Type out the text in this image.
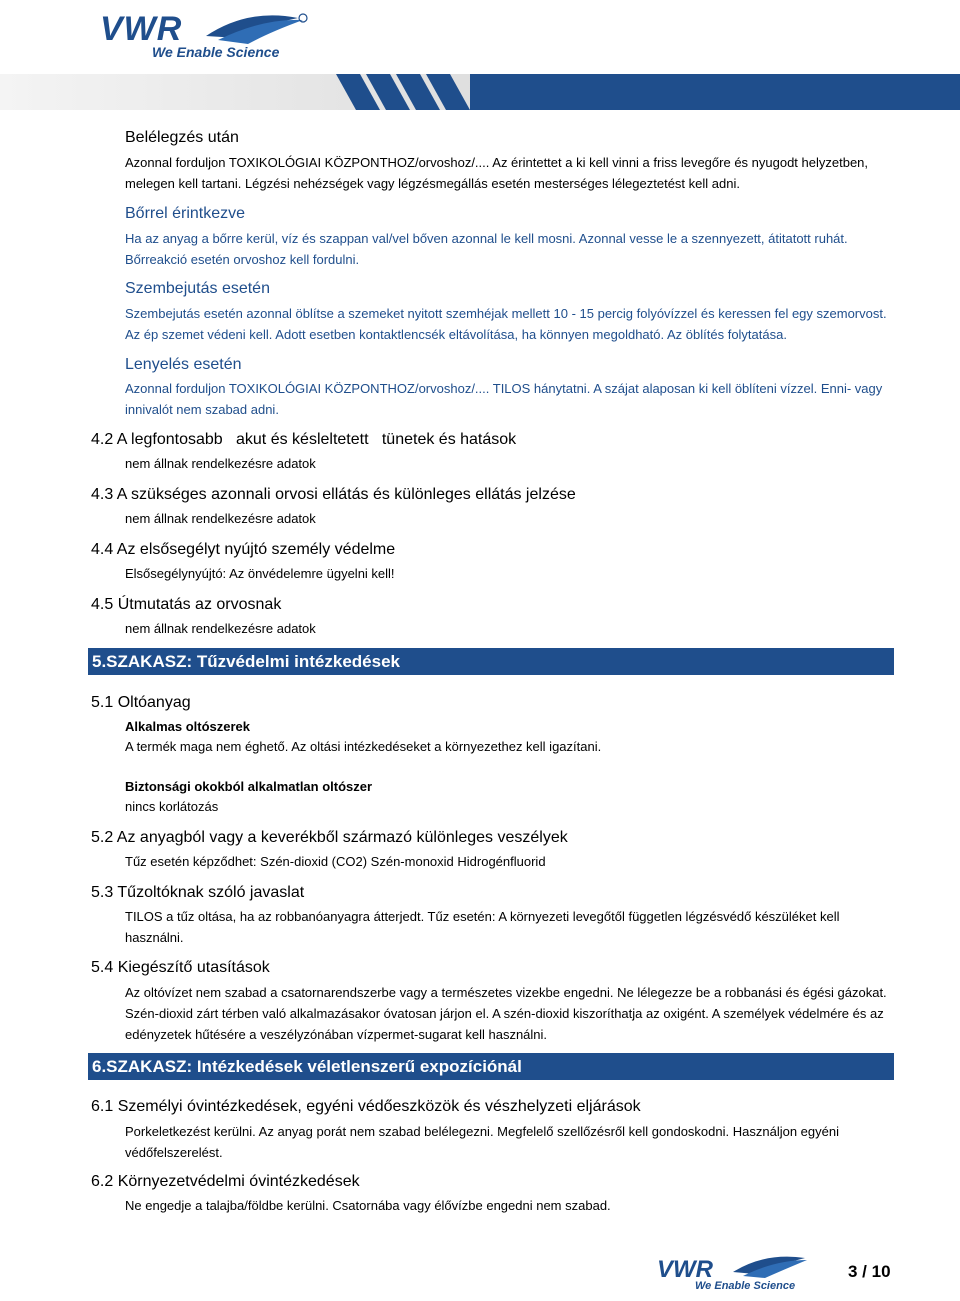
VWR
We Enable Science
Belélegzés után

Azonnal forduljon TOXIKOLÓGIAI KÖZPONTHOZ/orvoshoz/.... Az érintettet a ki kell vinni a friss levegőre és nyugodt helyzetben, melegen kell tartani. Légzési nehézségek vagy légzésmegállás esetén mesterséges lélegeztetést kell adni.

Bőrrel érintkezve

Ha az anyag a bőrre kerül, víz és szappan val/vel bőven azonnal le kell mosni. Azonnal vesse le a szennyezett, átitatott ruhát.

Bőrreakció esetén orvoshoz kell fordulni.

Szembejutás esetén

Szembejutás esetén azonnal öblítse a szemeket nyitott szemhéjak mellett 10 - 15 percig folyóvízzel és keressen fel egy szemorvost. Az ép szemet védeni kell. Adott esetben kontaktlencsék eltávolítása, ha könnyen megoldható. Az öblítés folytatása.

Lenyelés esetén

Azonnal forduljon TOXIKOLÓGIAI KÖZPONTHOZ/orvoshoz/.... TILOS hánytatni. A szájat alaposan ki kell öblíteni vízzel. Enni- vagy innivalót nem szabad adni.

4.2 A legfontosabb   akut és késleltetett   tünetek és hatások
nem állnak rendelkezésre adatok
4.3 A szükséges azonnali orvosi ellátás és különleges ellátás jelzése
nem állnak rendelkezésre adatok
4.4 Az elsősegélyt nyújtó személy védelme
Elsősegélynyújtó: Az önvédelemre ügyelni kell!
4.5 Útmutatás az orvosnak
nem állnak rendelkezésre adatok
5.SZAKASZ: Tűzvédelmi intézkedések
5.1 Oltóanyag
Alkalmas oltószerek
A termék maga nem éghető. Az oltási intézkedéseket a környezethez kell igazítani.
Biztonsági okokból alkalmatlan oltószer
nincs korlátozás
5.2 Az anyagból vagy a keverékből származó különleges veszélyek
Tűz esetén képződhet: Szén-dioxid (CO2) Szén-monoxid Hidrogénfluorid
5.3 Tűzoltóknak szóló javaslat

TILOS a tűz oltása, ha az robbanóanyagra átterjedt. Tűz esetén: A környezeti levegőtől független légzésvédő készüléket kell használni.

5.4 Kiegészítő utasítások

Az oltóvízet nem szabad a csatornarendszerbe vagy a természetes vizekbe engedni. Ne lélegezze be a robbanási és égési gázokat. Szén-dioxid zárt térben való alkalmazásakor óvatosan járjon el. A szén-dioxid kiszoríthatja az oxigént. A személyek védelmére és az edényzetek hűtésére a veszélyzónában vízpermet-sugarat kell használni.

6.SZAKASZ: Intézkedések véletlenszerű expozíciónál
6.1 Személyi óvintézkedések, egyéni védőeszközök és vészhelyzeti eljárások

Porkeletkezést kerülni. Az anyag porát nem szabad belélegezni. Megfelelő szellőzésről kell gondoskodni. Használjon egyéni védőfelszerelést.

6.2 Környezetvédelmi óvintézkedések
Ne engedje a talajba/földbe kerülni. Csatornába vagy élővízbe engedni nem szabad.
VWR
We Enable Science
3 / 10
